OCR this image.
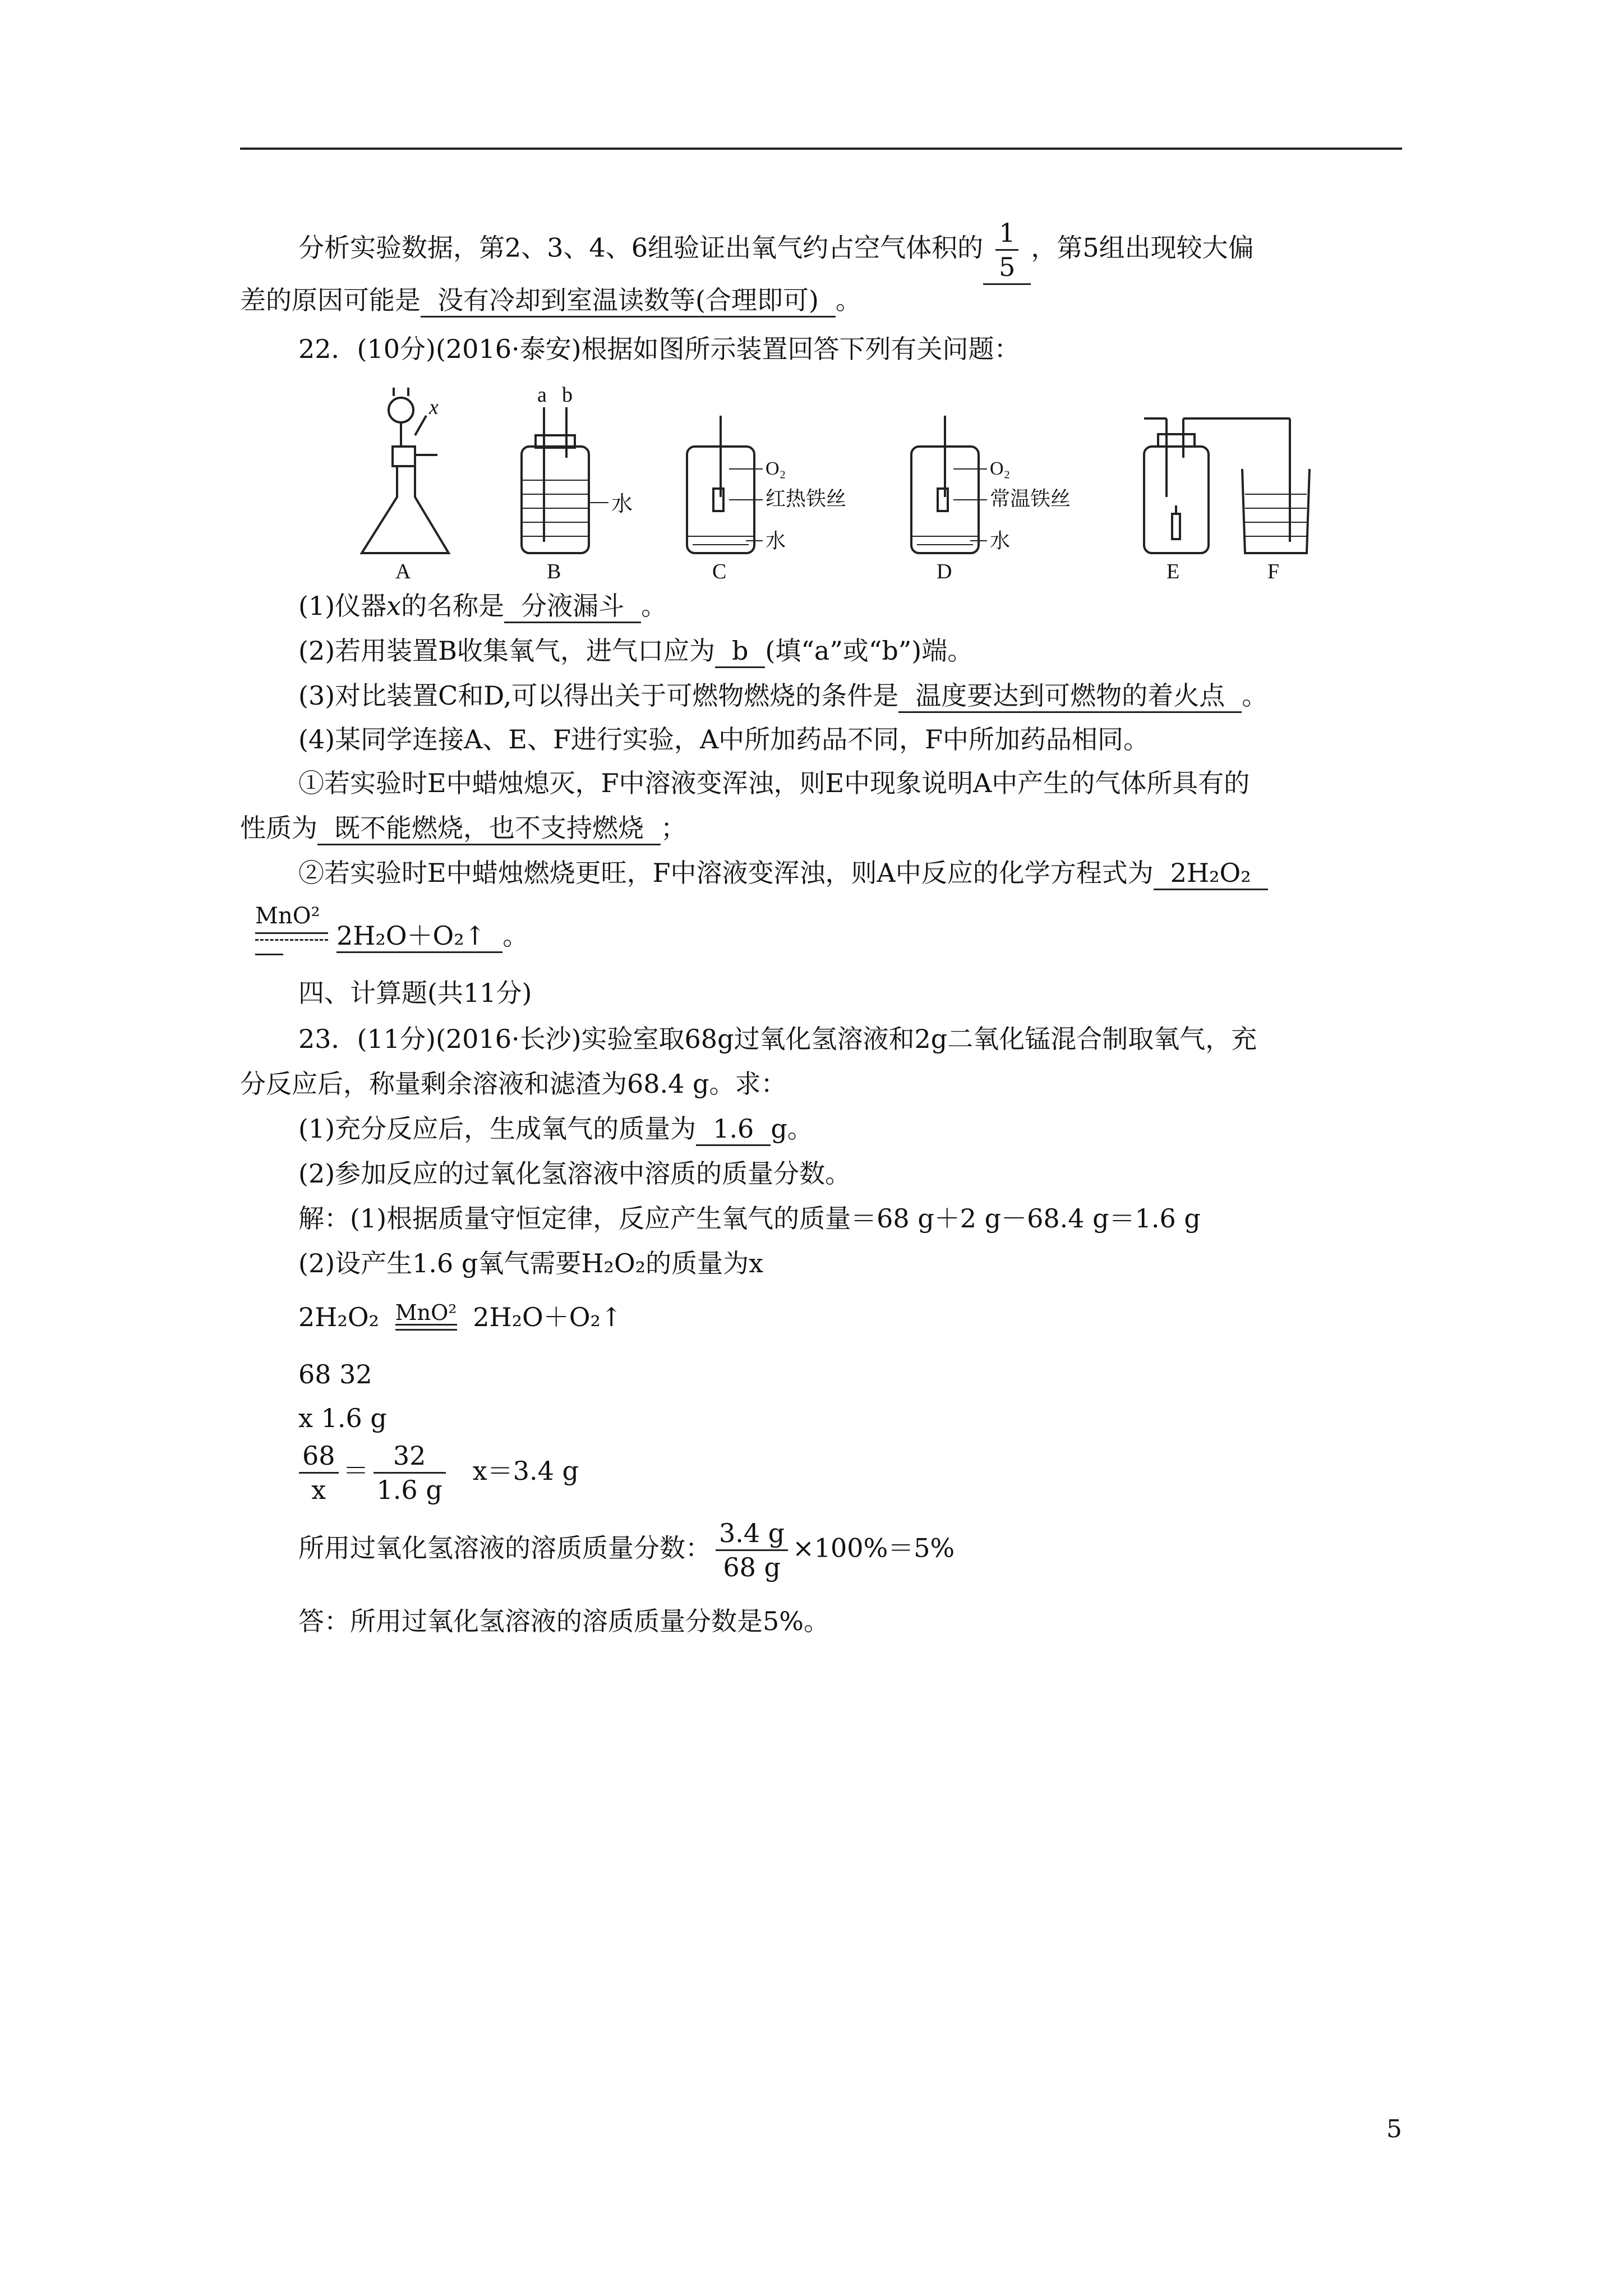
分析实验数据，第2、3、4、6组验证出氧气约占空气体积的 $\frac{1}{5}$ ，第5组出现较大偏
差的原因可能是 没有冷却到室温读数等(合理即可) 。
22．(10分)(2016·泰安)根据如图所示装置回答下列有关问题：
A	B	C	D	E	F
x
a b
水
O₂
红热铁丝
水
O₂
常温铁丝
水
(1)仪器x的名称是 分液漏斗 。
(2)若用装置B收集氧气，进气口应为 b (填“a”或“b”)端。
(3)对比装置C和D,可以得出关于可燃物燃烧的条件是 温度要达到可燃物的着火点 。
(4)某同学连接A、E、F进行实验，A中所加药品不同，F中所加药品相同。
①若实验时E中蜡烛熄灭，F中溶液变浑浊，则E中现象说明A中产生的气体所具有的
性质为 既不能燃烧，也不支持燃烧 ；
②若实验时E中蜡烛燃烧更旺，F中溶液变浑浊，则A中反应的化学方程式为 2H₂O₂
MnO²
2H₂O＋O₂↑ 。
四、计算题(共11分)
23．(11分)(2016·长沙)实验室取68g过氧化氢溶液和2g二氧化锰混合制取氧气，充
分反应后，称量剩余溶液和滤渣为68.4 g。求：
(1)充分反应后，生成氧气的质量为 1.6 g。
(2)参加反应的过氧化氢溶液中溶质的质量分数。
解：(1)根据质量守恒定律，反应产生氧气的质量＝68 g＋2 g－68.4 g＝1.6 g
(2)设产生1.6 g氧气需要H₂O₂的质量为x
2H₂O₂ MnO² 2H₂O＋O₂↑
68 32
x 1.6 g
$\frac{68}{x} = \frac{32}{1.6 g} x=3.4$ g
所用过氧化氢溶液的溶质质量分数： $\frac{3.4 g}{68 g} \times 100\%=5\%$
答：所用过氧化氢溶液的溶质质量分数是5%。
5
